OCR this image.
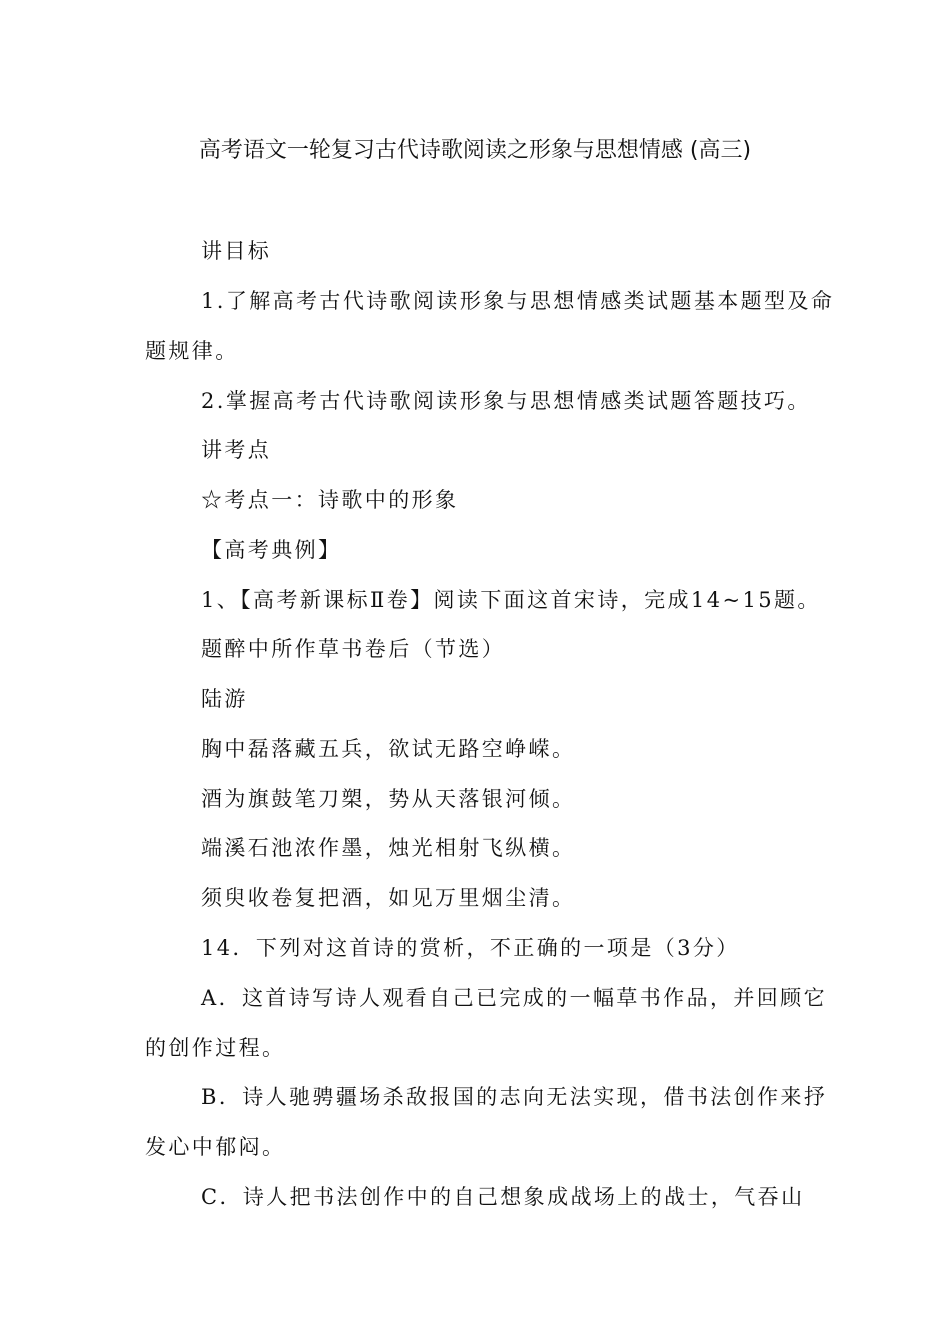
高考语文一轮复习古代诗歌阅读之形象与思想情感 (高三)
讲目标
1.了解高考古代诗歌阅读形象与思想情感类试题基本题型及命
题规律。
2.掌握高考古代诗歌阅读形象与思想情感类试题答题技巧。
讲考点
☆考点一：诗歌中的形象
【高考典例】
1、【高考新课标Ⅱ卷】阅读下面这首宋诗，完成14~15题。
题醉中所作草书卷后（节选）
陆游
胸中磊落藏五兵，欲试无路空峥嵘。
酒为旗鼓笔刀槊，势从天落银河倾。
端溪石池浓作墨，烛光相射飞纵横。
须臾收卷复把酒，如见万里烟尘清。
14．下列对这首诗的赏析，不正确的一项是（3分）
A．这首诗写诗人观看自己已完成的一幅草书作品，并回顾它
的创作过程。
B．诗人驰骋疆场杀敌报国的志向无法实现，借书法创作来抒
发心中郁闷。
C．诗人把书法创作中的自己想象成战场上的战士，气吞山
